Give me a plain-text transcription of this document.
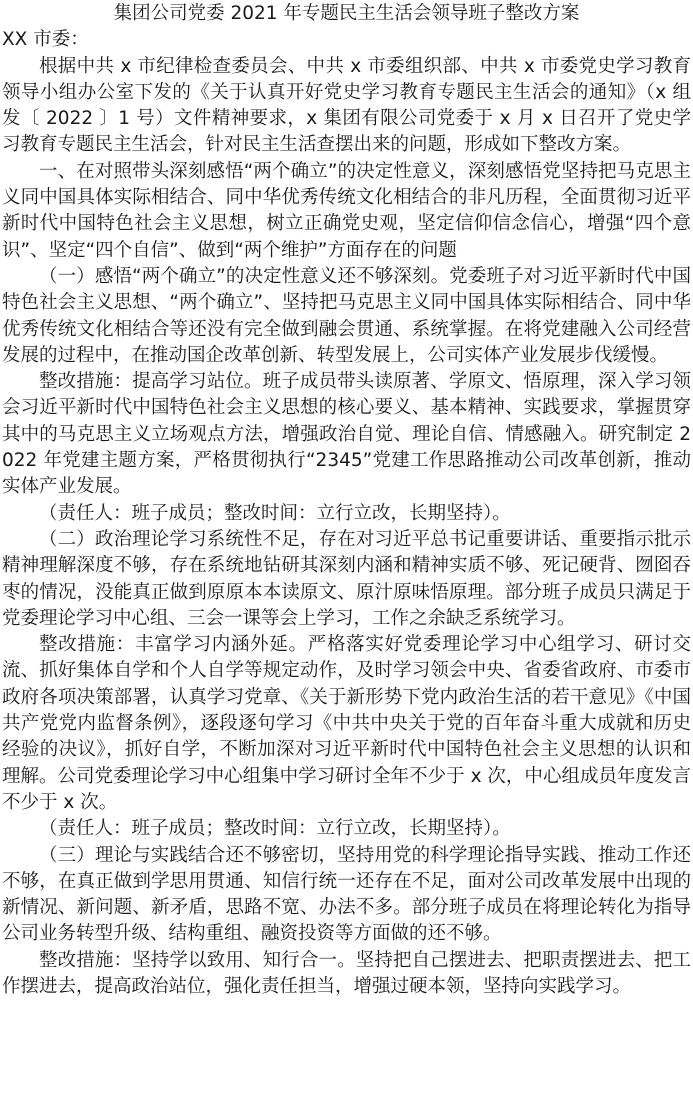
集团公司党委 2021 年专题民主生活会领导班子整改方案

XX 市委：

根据中共 x 市纪律检查委员会、中共 x 市委组织部、中共 x 市委党史学习教育领导小组办公室下发的《关于认真开好党史学习教育专题民主生活会的通知》（x 组发〔 2022 〕1 号）文件精神要求，x 集团有限公司党委于 x 月 x 日召开了党史学习教育专题民主生活会，针对民主生活查摆出来的问题，形成如下整改方案。

一、在对照带头深刻感悟“两个确立”的决定性意义，深刻感悟党坚持把马克思主义同中国具体实际相结合、同中华优秀传统文化相结合的非凡历程，全面贯彻习近平新时代中国特色社会主义思想，树立正确党史观，坚定信仰信念信心，增强“四个意识”、坚定“四个自信”、做到“两个维护”方面存在的问题

（一）感悟“两个确立”的决定性意义还不够深刻。党委班子对习近平新时代中国特色社会主义思想、“两个确立”、坚持把马克思主义同中国具体实际相结合、同中华优秀传统文化相结合等还没有完全做到融会贯通、系统掌握。在将党建融入公司经营发展的过程中，在推动国企改革创新、转型发展上，公司实体产业发展步伐缓慢。

整改措施：提高学习站位。班子成员带头读原著、学原文、悟原理，深入学习领会习近平新时代中国特色社会主义思想的核心要义、基本精神、实践要求，掌握贯穿其中的马克思主义立场观点方法，增强政治自觉、理论自信、情感融入。研究制定 2022 年党建主题方案，严格贯彻执行“2345”党建工作思路推动公司改革创新，推动实体产业发展。

（责任人：班子成员；整改时间：立行立改，长期坚持）。

（二）政治理论学习系统性不足，存在对习近平总书记重要讲话、重要指示批示精神理解深度不够，存在系统地钻研其深刻内涵和精神实质不够、死记硬背、囫囵吞枣的情况，没能真正做到原原本本读原文、原汁原味悟原理。部分班子成员只满足于党委理论学习中心组、三会一课等会上学习，工作之余缺乏系统学习。

整改措施：丰富学习内涵外延。严格落实好党委理论学习中心组学习、研讨交流、抓好集体自学和个人自学等规定动作，及时学习领会中央、省委省政府、市委市政府各项决策部署，认真学习党章、《关于新形势下党内政治生活的若干意见》《中国共产党党内监督条例》，逐段逐句学习《中共中央关于党的百年奋斗重大成就和历史经验的决议》，抓好自学，不断加深对习近平新时代中国特色社会主义思想的认识和理解。公司党委理论学习中心组集中学习研讨全年不少于 x 次，中心组成员年度发言不少于 x 次。

（责任人：班子成员；整改时间：立行立改，长期坚持）。

（三）理论与实践结合还不够密切，坚持用党的科学理论指导实践、推动工作还不够，在真正做到学思用贯通、知信行统一还存在不足，面对公司改革发展中出现的新情况、新问题、新矛盾，思路不宽、办法不多。部分班子成员在将理论转化为指导公司业务转型升级、结构重组、融资投资等方面做的还不够。

整改措施：坚持学以致用、知行合一。坚持把自己摆进去、把职责摆进去、把工作摆进去，提高政治站位，强化责任担当，增强过硬本领，坚持向实践学习。
